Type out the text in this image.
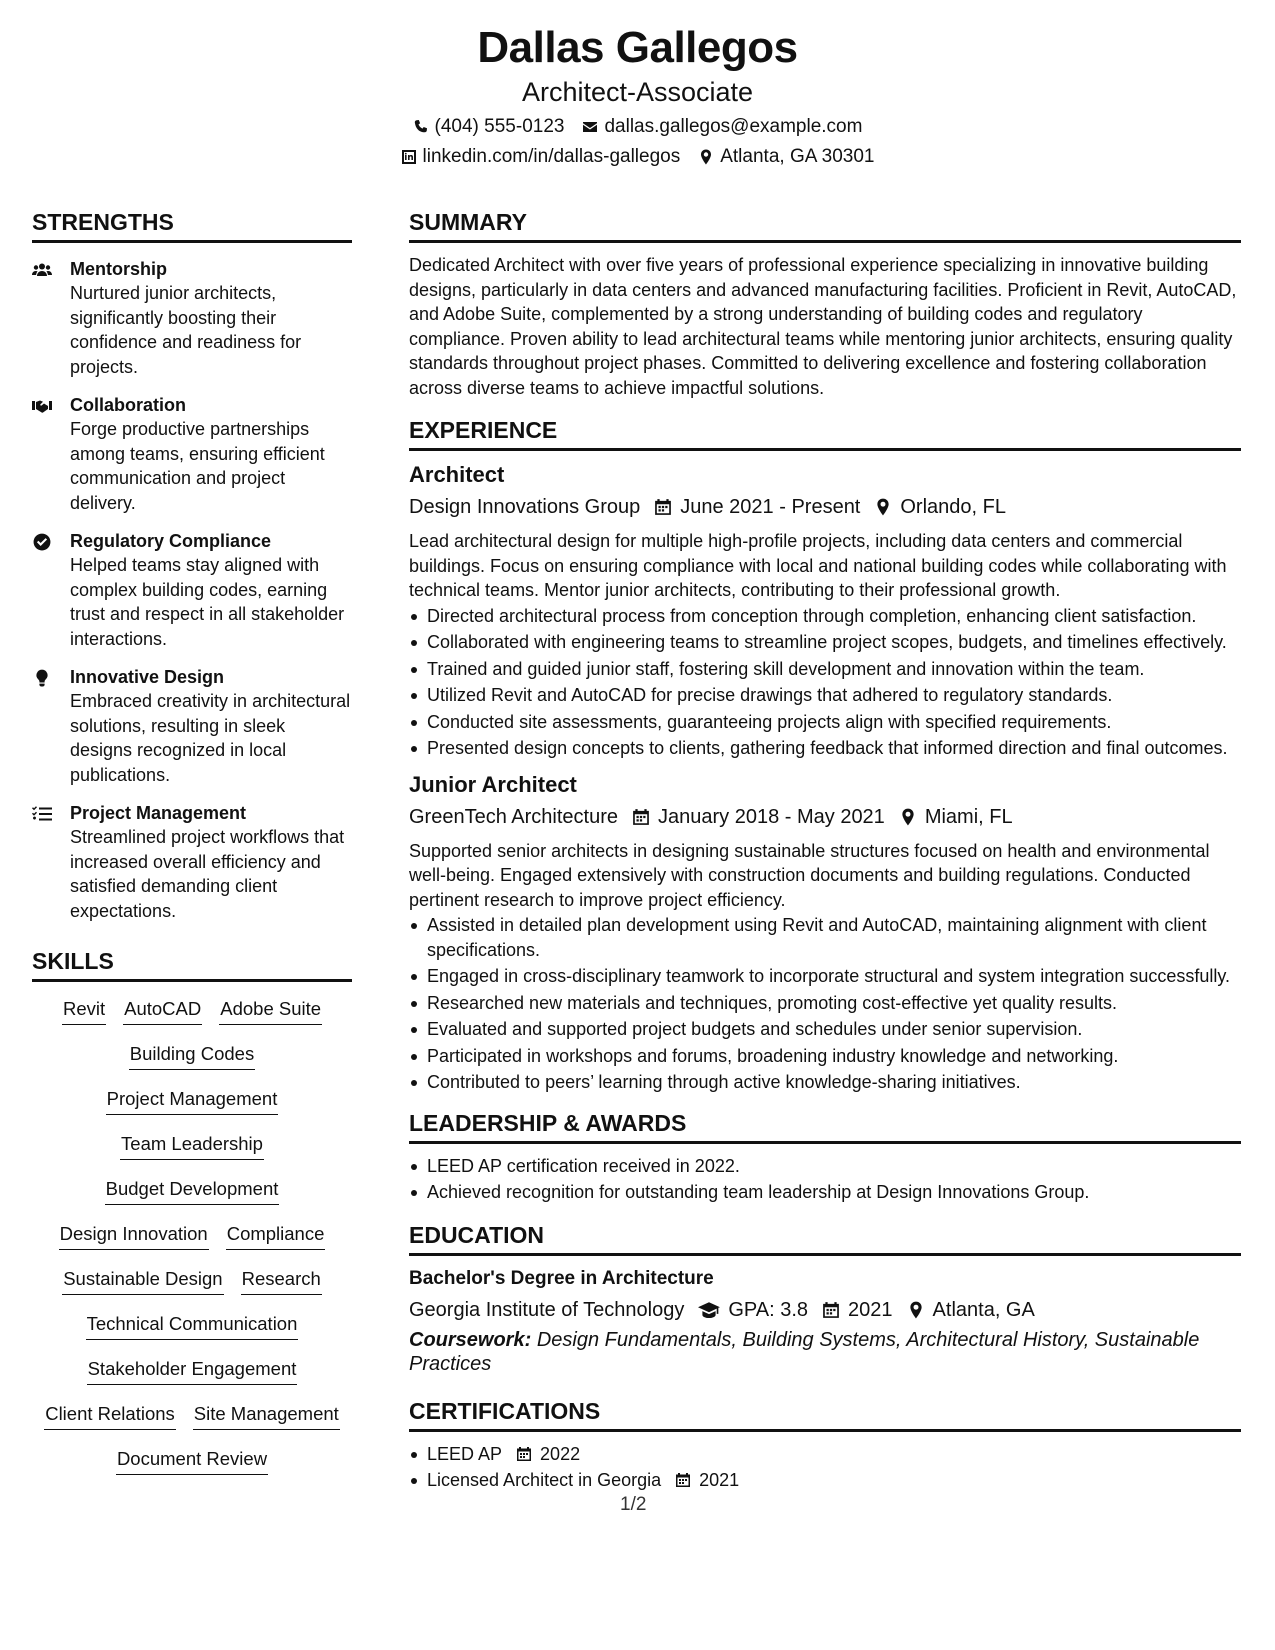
Dallas Gallegos
Architect-Associate
(404) 555-0123 dallas.gallegos@example.com
linkedin.com/in/dallas-gallegos Atlanta, GA 30301
STRENGTHS
Mentorship
Nurtured junior architects, significantly boosting their confidence and readiness for projects.
Collaboration
Forge productive partnerships among teams, ensuring efficient communication and project delivery.
Regulatory Compliance
Helped teams stay aligned with complex building codes, earning trust and respect in all stakeholder interactions.
Innovative Design
Embraced creativity in architectural solutions, resulting in sleek designs recognized in local publications.
Project Management
Streamlined project workflows that increased overall efficiency and satisfied demanding client expectations.
SKILLS
Revit AutoCAD Adobe Suite
Building Codes
Project Management
Team Leadership
Budget Development
Design Innovation Compliance
Sustainable Design Research
Technical Communication
Stakeholder Engagement
Client Relations Site Management
Document Review
SUMMARY
Dedicated Architect with over five years of professional experience specializing in innovative building designs, particularly in data centers and advanced manufacturing facilities. Proficient in Revit, AutoCAD, and Adobe Suite, complemented by a strong understanding of building codes and regulatory compliance. Proven ability to lead architectural teams while mentoring junior architects, ensuring quality standards throughout project phases. Committed to delivering excellence and fostering collaboration across diverse teams to achieve impactful solutions.
EXPERIENCE
Architect
Design Innovations Group June 2021 - Present Orlando, FL
Lead architectural design for multiple high-profile projects, including data centers and commercial buildings. Focus on ensuring compliance with local and national building codes while collaborating with technical teams. Mentor junior architects, contributing to their professional growth.
Directed architectural process from conception through completion, enhancing client satisfaction.
Collaborated with engineering teams to streamline project scopes, budgets, and timelines effectively.
Trained and guided junior staff, fostering skill development and innovation within the team.
Utilized Revit and AutoCAD for precise drawings that adhered to regulatory standards.
Conducted site assessments, guaranteeing projects align with specified requirements.
Presented design concepts to clients, gathering feedback that informed direction and final outcomes.
Junior Architect
GreenTech Architecture January 2018 - May 2021 Miami, FL
Supported senior architects in designing sustainable structures focused on health and environmental well-being. Engaged extensively with construction documents and building regulations. Conducted pertinent research to improve project efficiency.
Assisted in detailed plan development using Revit and AutoCAD, maintaining alignment with client specifications.
Engaged in cross-disciplinary teamwork to incorporate structural and system integration successfully.
Researched new materials and techniques, promoting cost-effective yet quality results.
Evaluated and supported project budgets and schedules under senior supervision.
Participated in workshops and forums, broadening industry knowledge and networking.
Contributed to peers’ learning through active knowledge-sharing initiatives.
LEADERSHIP & AWARDS
LEED AP certification received in 2022.
Achieved recognition for outstanding team leadership at Design Innovations Group.
EDUCATION
Bachelor's Degree in Architecture
Georgia Institute of Technology GPA: 3.8 2021 Atlanta, GA
Coursework: Design Fundamentals, Building Systems, Architectural History, Sustainable Practices
CERTIFICATIONS
LEED AP 2022
Licensed Architect in Georgia 2021
1/2
